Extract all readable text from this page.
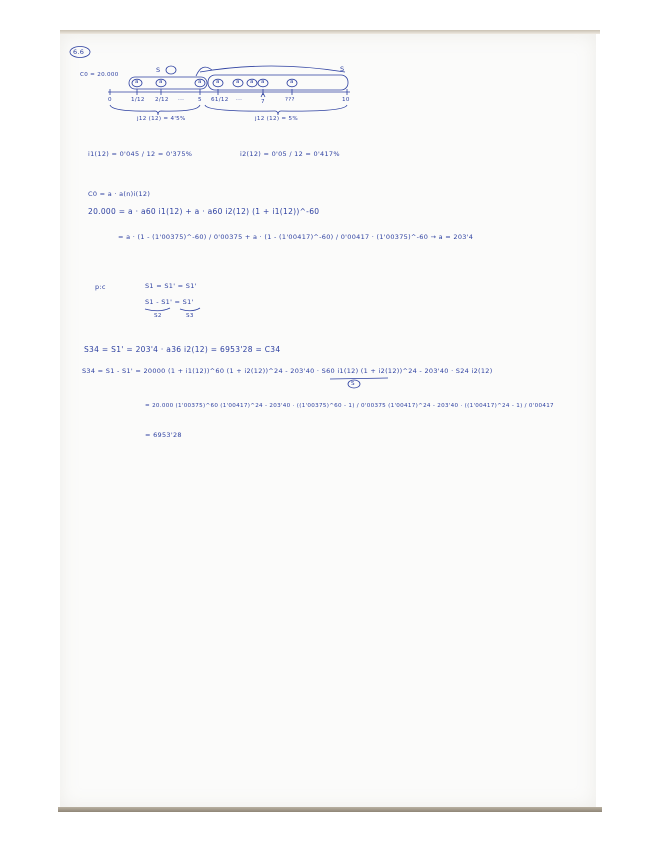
6.6
C0 = 20.000
S	S
a	a	a	a	a a a	a
0	1/12 2/12 ··· 5 61/12 ···	7	???	10
j12 (12) = 4'5%	j12 (12) = 5%
i1(12) = 0'045 / 12 = 0'375%	i2(12) = 0'05 / 12 = 0'417%
C0 = a · a(n)i(12)
20.000 = a · a60 i1(12) + a · a60 i2(12) (1 + i1(12))^-60
= a · (1 - (1'00375)^-60) / 0'00375 + a · (1 - (1'00417)^-60) / 0'00417 · (1'00375)^-60 → a = 203'4
p:c	S1 = S1' = S1'
S1 - S1' = S1'
S2	S3
S34 = S1' = 203'4 · a36 i2(12) = 6953'28 = C34
S34 = S1 - S1' = 20000 (1 + i1(12))^60 (1 + i2(12))^24 - 203'40 · S60 i1(12) (1 + i2(12))^24 - 203'40 · S24 i2(12)
S
= 20.000 (1'00375)^60 (1'00417)^24 - 203'40 · ((1'00375)^60 - 1) / 0'00375 (1'00417)^24 - 203'40 · ((1'00417)^24 - 1) / 0'00417
= 6953'28
